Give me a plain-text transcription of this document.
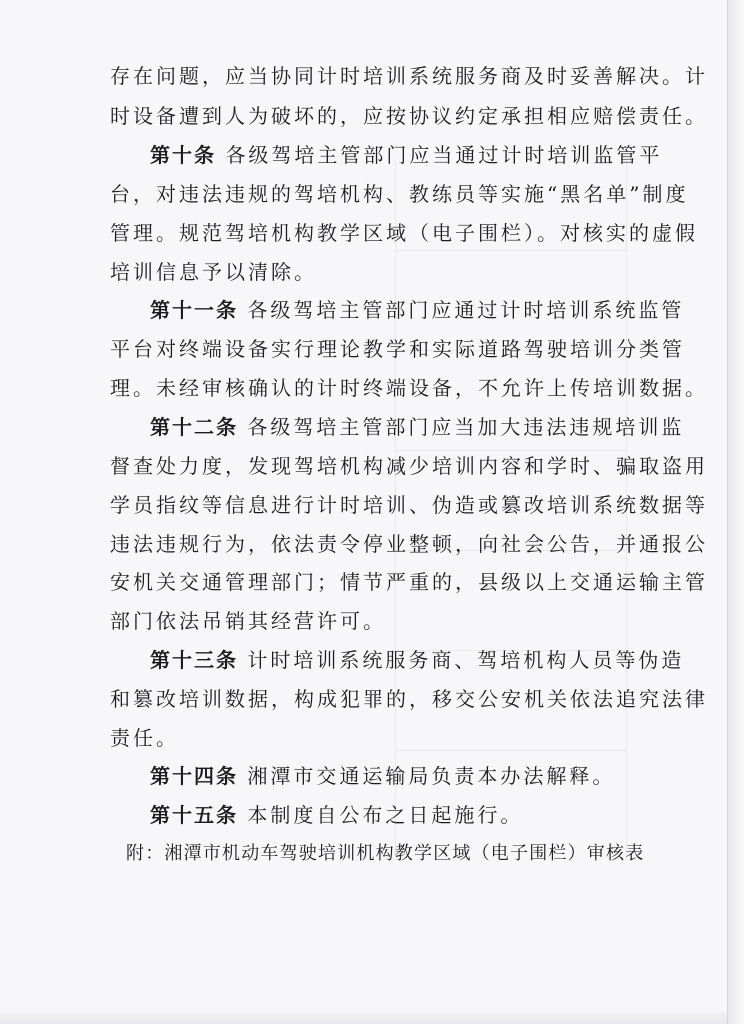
存在问题，应当协同计时培训系统服务商及时妥善解决。计
时设备遭到人为破坏的，应按协议约定承担相应赔偿责任。
第十条 各级驾培主管部门应当通过计时培训监管平
台，对违法违规的驾培机构、教练员等实施“黑名单”制度
管理。规范驾培机构教学区域（电子围栏）。对核实的虚假
培训信息予以清除。
第十一条 各级驾培主管部门应通过计时培训系统监管
平台对终端设备实行理论教学和实际道路驾驶培训分类管
理。未经审核确认的计时终端设备，不允许上传培训数据。
第十二条 各级驾培主管部门应当加大违法违规培训监
督查处力度，发现驾培机构减少培训内容和学时、骗取盗用
学员指纹等信息进行计时培训、伪造或篡改培训系统数据等
违法违规行为，依法责令停业整顿，向社会公告，并通报公
安机关交通管理部门；情节严重的，县级以上交通运输主管
部门依法吊销其经营许可。
第十三条 计时培训系统服务商、驾培机构人员等伪造
和篡改培训数据，构成犯罪的，移交公安机关依法追究法律
责任。
第十四条 湘潭市交通运输局负责本办法解释。
第十五条 本制度自公布之日起施行。
附：湘潭市机动车驾驶培训机构教学区域（电子围栏）审核表
